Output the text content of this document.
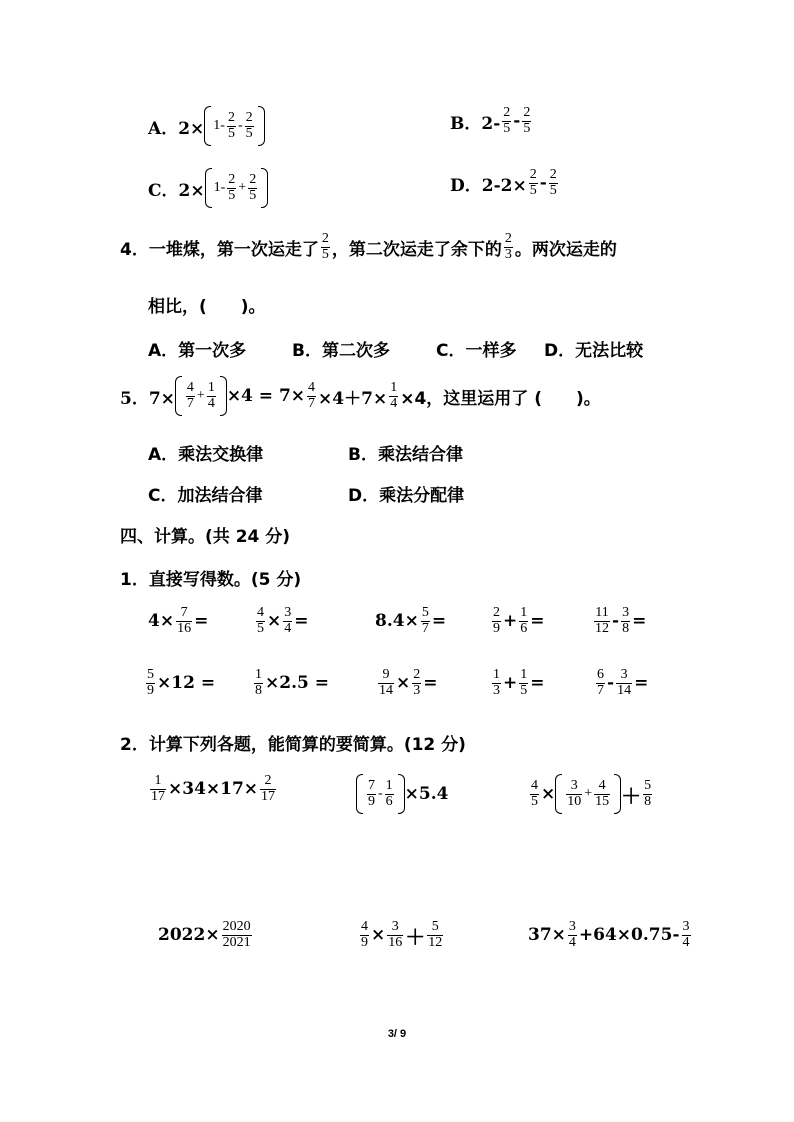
A．$2\times 1- \frac{2}{5} - \frac{2}{5}$	B．$2- \frac{2}{5} - \frac{2}{5}$
C．$2\times 1- \frac{2}{5} + \frac{2}{5}$	D．$2-2\times \frac{2}{5} - \frac{2}{5}$
4．一堆煤，第一次运走了 $\frac{2}{5}$ ，第二次运走了余下的 $\frac{2}{3}$ 。两次运走的
相比，(　　)。
A．第一次多	B．第二次多	C．一样多 D．无法比较
5．$7\times \frac{4}{7} + \frac{1}{4} \times 4 = 7\times \frac{4}{7} \times 4+7\times \frac{1}{4} \times 4$，这里运用了 (　　)。
A．乘法交换律	B．乘法结合律
C．加法结合律	D．乘法分配律
四、计算。(共 24 分)
1．直接写得数。(5 分)
$4\times \frac{7}{16}$ =	$\frac{4}{5} \times \frac{3}{4}$ =	$8.4\times \frac{5}{7}$ =	$\frac{2}{9} + \frac{1}{6}$ =	$\frac{11}{12} - \frac{3}{8}$ =
$\frac{5}{9} \times 12$ =	$\frac{1}{8} \times 2.5$ =	$\frac{9}{14} \times \frac{2}{3}$ =	$\frac{1}{3} + \frac{1}{5}$ =	$\frac{6}{7} - \frac{3}{14}$ =
2．计算下列各题，能简算的要简算。(12 分)
$\frac{1}{17} \times 34\times 17\times \frac{2}{17}$	$\frac{7}{9} - \frac{1}{6} \times 5.4$	$\frac{4}{5} \times \frac{3}{10} + \frac{4}{15} + \frac{5}{8}$
$2022\times \frac{2020}{2021}$	$\frac{4}{9} \times \frac{3}{16} + \frac{5}{12}$	$37\times \frac{3}{4} +64\times 0.75- \frac{3}{4}$
3/ 9
